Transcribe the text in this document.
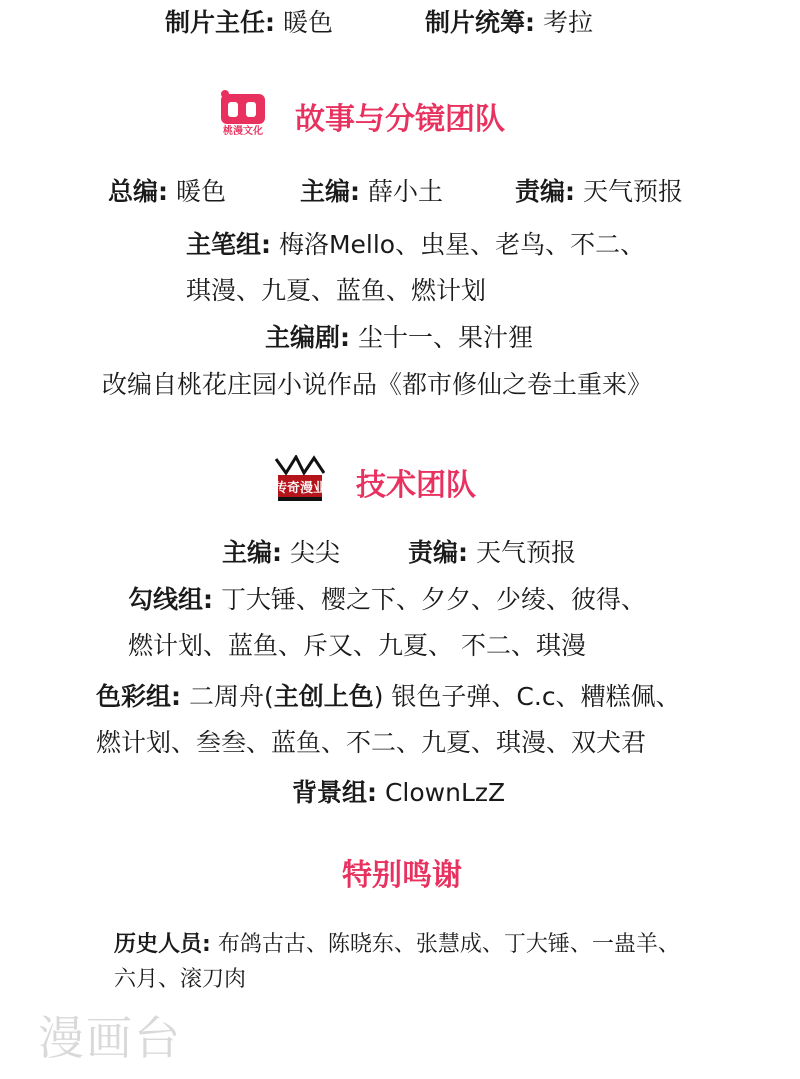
制片主任: 暖色	制片统筹: 考拉
桃漫文化 故事与分镜团队
总编: 暖色	主编: 薛小土	责编: 天气预报
主笔组: 梅洛Mello、虫星、老鸟、不二、
琪漫、九夏、蓝鱼、燃计划
主编剧: 尘十一、果汁狸
改编自桃花庄园小说作品《都市修仙之卷土重来》
传奇漫业 技术团队
主编: 尖尖	责编: 天气预报
勾线组: 丁大锤、樱之下、夕夕、少绫、彼得、
燃计划、蓝鱼、斥又、九夏、 不二、琪漫
色彩组: 二周舟(主创上色) 银色子弹、C.c、糟糕佩、
燃计划、叁叁、蓝鱼、不二、九夏、琪漫、双犬君
背景组: ClownLzZ
特别鸣谢
历史人员: 布鸽古古、陈晓东、张慧成、丁大锤、一蛊羊、
六月、滚刀肉
漫画台
